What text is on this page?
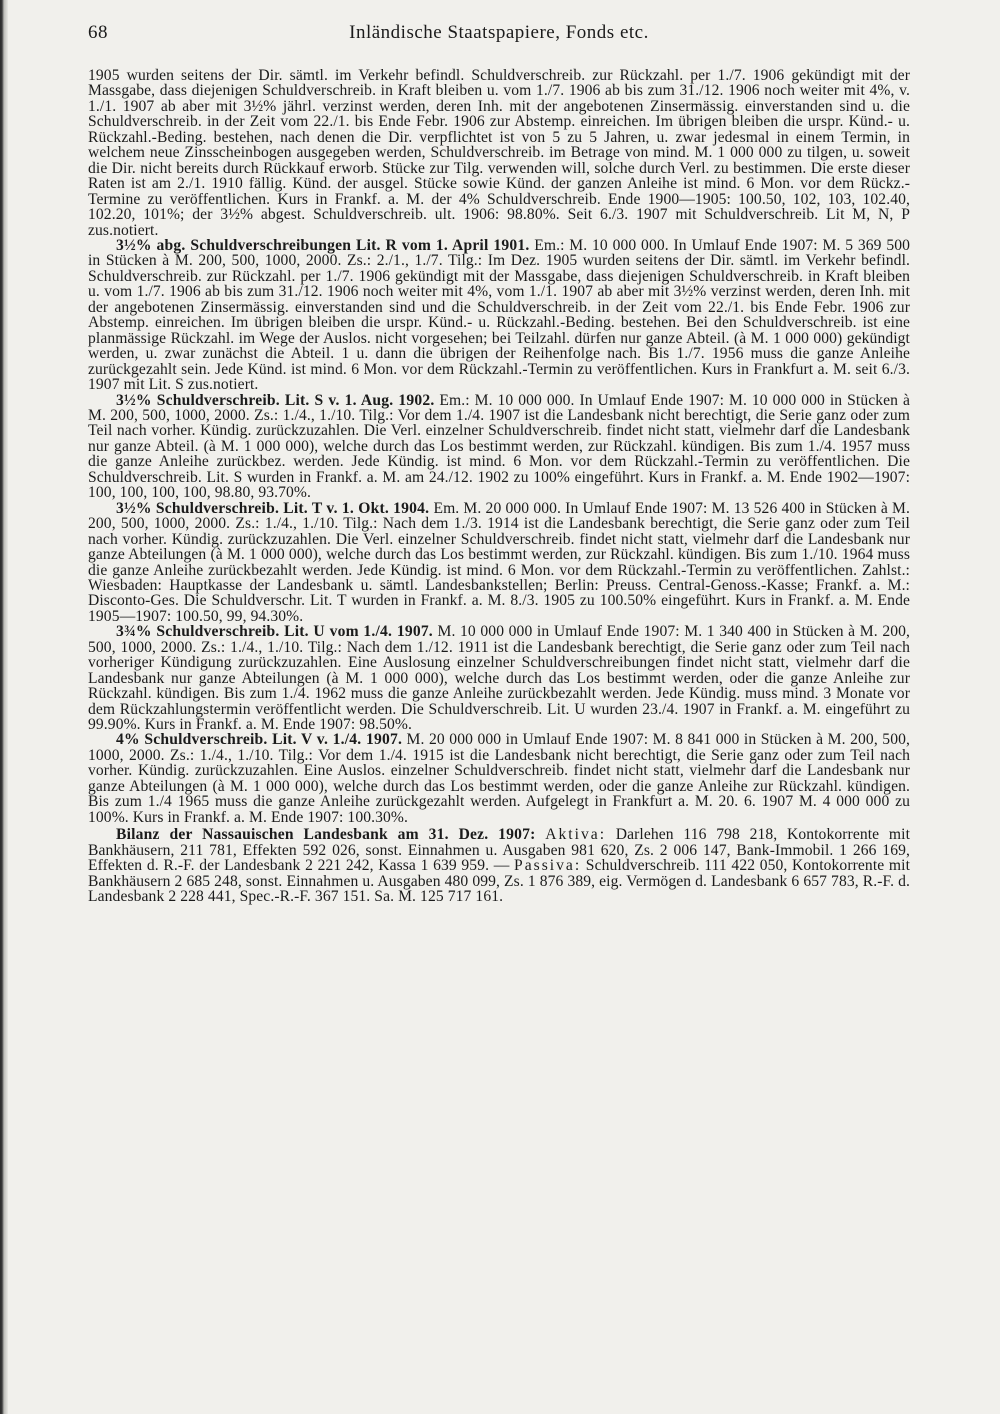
68	Inländische Staatspapiere, Fonds etc.

1905 wurden seitens der Dir. sämtl. im Verkehr befindl. Schuldverschreib. zur Rückzahl. per 1./7. 1906 gekündigt mit der Massgabe, dass diejenigen Schuldverschreib. in Kraft bleiben u. vom 1./7. 1906 ab bis zum 31./12. 1906 noch weiter mit 4%, v. 1./1. 1907 ab aber mit 3½% jährl. verzinst werden, deren Inh. mit der angebotenen Zinsermässig. einverstanden sind u. die Schuldverschreib. in der Zeit vom 22./1. bis Ende Febr. 1906 zur Abstemp. einreichen. Im übrigen bleiben die urspr. Künd.- u. Rückzahl.-Beding. bestehen, nach denen die Dir. verpflichtet ist von 5 zu 5 Jahren, u. zwar jedesmal in einem Termin, in welchem neue Zinsscheinbogen ausgegeben werden, Schuldverschreib. im Betrage von mind. M. 1 000 000 zu tilgen, u. soweit die Dir. nicht bereits durch Rückkauf erworb. Stücke zur Tilg. verwenden will, solche durch Verl. zu bestimmen. Die erste dieser Raten ist am 2./1. 1910 fällig. Künd. der ausgel. Stücke sowie Künd. der ganzen Anleihe ist mind. 6 Mon. vor dem Rückz.-Termine zu veröffentlichen. Kurs in Frankf. a. M. der 4% Schuldverschreib. Ende 1900—1905: 100.50, 102, 103, 102.40, 102.20, 101%; der 3½% abgest. Schuldverschreib. ult. 1906: 98.80%. Seit 6./3. 1907 mit Schuldverschreib. Lit M, N, P zus.notiert.

3½% abg. Schuldverschreibungen Lit. R vom 1. April 1901. Em.: M. 10 000 000. In Umlauf Ende 1907: M. 5 369 500 in Stücken à M. 200, 500, 1000, 2000. Zs.: 2./1., 1./7. Tilg.: Im Dez. 1905 wurden seitens der Dir. sämtl. im Verkehr befindl. Schuldverschreib. zur Rückzahl. per 1./7. 1906 gekündigt mit der Massgabe, dass diejenigen Schuldverschreib. in Kraft bleiben u. vom 1./7. 1906 ab bis zum 31./12. 1906 noch weiter mit 4%, vom 1./1. 1907 ab aber mit 3½% verzinst werden, deren Inh. mit der angebotenen Zinsermässig. einverstanden sind und die Schuldverschreib. in der Zeit vom 22./1. bis Ende Febr. 1906 zur Abstemp. einreichen. Im übrigen bleiben die urspr. Künd.- u. Rückzahl.-Beding. bestehen. Bei den Schuldverschreib. ist eine planmässige Rückzahl. im Wege der Auslos. nicht vorgesehen; bei Teilzahl. dürfen nur ganze Abteil. (à M. 1 000 000) gekündigt werden, u. zwar zunächst die Abteil. 1 u. dann die übrigen der Reihenfolge nach. Bis 1./7. 1956 muss die ganze Anleihe zurückgezahlt sein. Jede Künd. ist mind. 6 Mon. vor dem Rückzahl.-Termin zu veröffentlichen. Kurs in Frankfurt a. M. seit 6./3. 1907 mit Lit. S zus.notiert.

3½% Schuldverschreib. Lit. S v. 1. Aug. 1902. Em.: M. 10 000 000. In Umlauf Ende 1907: M. 10 000 000 in Stücken à M. 200, 500, 1000, 2000. Zs.: 1./4., 1./10. Tilg.: Vor dem 1./4. 1907 ist die Landesbank nicht berechtigt, die Serie ganz oder zum Teil nach vorher. Kündig. zurückzuzahlen. Die Verl. einzelner Schuldverschreib. findet nicht statt, vielmehr darf die Landesbank nur ganze Abteil. (à M. 1 000 000), welche durch das Los bestimmt werden, zur Rückzahl. kündigen. Bis zum 1./4. 1957 muss die ganze Anleihe zurückbez. werden. Jede Kündig. ist mind. 6 Mon. vor dem Rückzahl.-Termin zu veröffentlichen. Die Schuldverschreib. Lit. S wurden in Frankf. a. M. am 24./12. 1902 zu 100% eingeführt. Kurs in Frankf. a. M. Ende 1902—1907: 100, 100, 100, 100, 98.80, 93.70%.

3½% Schuldverschreib. Lit. T v. 1. Okt. 1904. Em. M. 20 000 000. In Umlauf Ende 1907: M. 13 526 400 in Stücken à M. 200, 500, 1000, 2000. Zs.: 1./4., 1./10. Tilg.: Nach dem 1./3. 1914 ist die Landesbank berechtigt, die Serie ganz oder zum Teil nach vorher. Kündig. zurückzuzahlen. Die Verl. einzelner Schuldverschreib. findet nicht statt, vielmehr darf die Landesbank nur ganze Abteilungen (à M. 1 000 000), welche durch das Los bestimmt werden, zur Rückzahl. kündigen. Bis zum 1./10. 1964 muss die ganze Anleihe zurückbezahlt werden. Jede Kündig. ist mind. 6 Mon. vor dem Rückzahl.-Termin zu veröffentlichen. Zahlst.: Wiesbaden: Hauptkasse der Landesbank u. sämtl. Landesbankstellen; Berlin: Preuss. Central-Genoss.-Kasse; Frankf. a. M.: Disconto-Ges. Die Schuldverschr. Lit. T wurden in Frankf. a. M. 8./3. 1905 zu 100.50% eingeführt. Kurs in Frankf. a. M. Ende 1905—1907: 100.50, 99, 94.30%.

3¾% Schuldverschreib. Lit. U vom 1./4. 1907. M. 10 000 000 in Umlauf Ende 1907: M. 1 340 400 in Stücken à M. 200, 500, 1000, 2000. Zs.: 1./4., 1./10. Tilg.: Nach dem 1./12. 1911 ist die Landesbank berechtigt, die Serie ganz oder zum Teil nach vorheriger Kündigung zurückzuzahlen. Eine Auslosung einzelner Schuldverschreibungen findet nicht statt, vielmehr darf die Landesbank nur ganze Abteilungen (à M. 1 000 000), welche durch das Los bestimmt werden, oder die ganze Anleihe zur Rückzahl. kündigen. Bis zum 1./4. 1962 muss die ganze Anleihe zurückbezahlt werden. Jede Kündig. muss mind. 3 Monate vor dem Rückzahlungstermin veröffentlicht werden. Die Schuldverschreib. Lit. U wurden 23./4. 1907 in Frankf. a. M. eingeführt zu 99.90%. Kurs in Frankf. a. M. Ende 1907: 98.50%.

4% Schuldverschreib. Lit. V v. 1./4. 1907. M. 20 000 000 in Umlauf Ende 1907: M. 8 841 000 in Stücken à M. 200, 500, 1000, 2000. Zs.: 1./4., 1./10. Tilg.: Vor dem 1./4. 1915 ist die Landesbank nicht berechtigt, die Serie ganz oder zum Teil nach vorher. Kündig. zurückzuzahlen. Eine Auslos. einzelner Schuldverschreib. findet nicht statt, vielmehr darf die Landesbank nur ganze Abteilungen (à M. 1 000 000), welche durch das Los bestimmt werden, oder die ganze Anleihe zur Rückzahl. kündigen. Bis zum 1./4 1965 muss die ganze Anleihe zurückgezahlt werden. Aufgelegt in Frankfurt a. M. 20. 6. 1907 M. 4 000 000 zu 100%. Kurs in Frankf. a. M. Ende 1907: 100.30%.

Bilanz der Nassauischen Landesbank am 31. Dez. 1907: Aktiva: Darlehen 116 798 218, Kontokorrente mit Bankhäusern, 211 781, Effekten 592 026, sonst. Einnahmen u. Ausgaben 981 620, Zs. 2 006 147, Bank-Immobil. 1 266 169, Effekten d. R.-F. der Landesbank 2 221 242, Kassa 1 639 959. — Passiva: Schuldverschreib. 111 422 050, Kontokorrente mit Bankhäusern 2 685 248, sonst. Einnahmen u. Ausgaben 480 099, Zs. 1 876 389, eig. Vermögen d. Landesbank 6 657 783, R.-F. d. Landesbank 2 228 441, Spec.-R.-F. 367 151. Sa. M. 125 717 161.
